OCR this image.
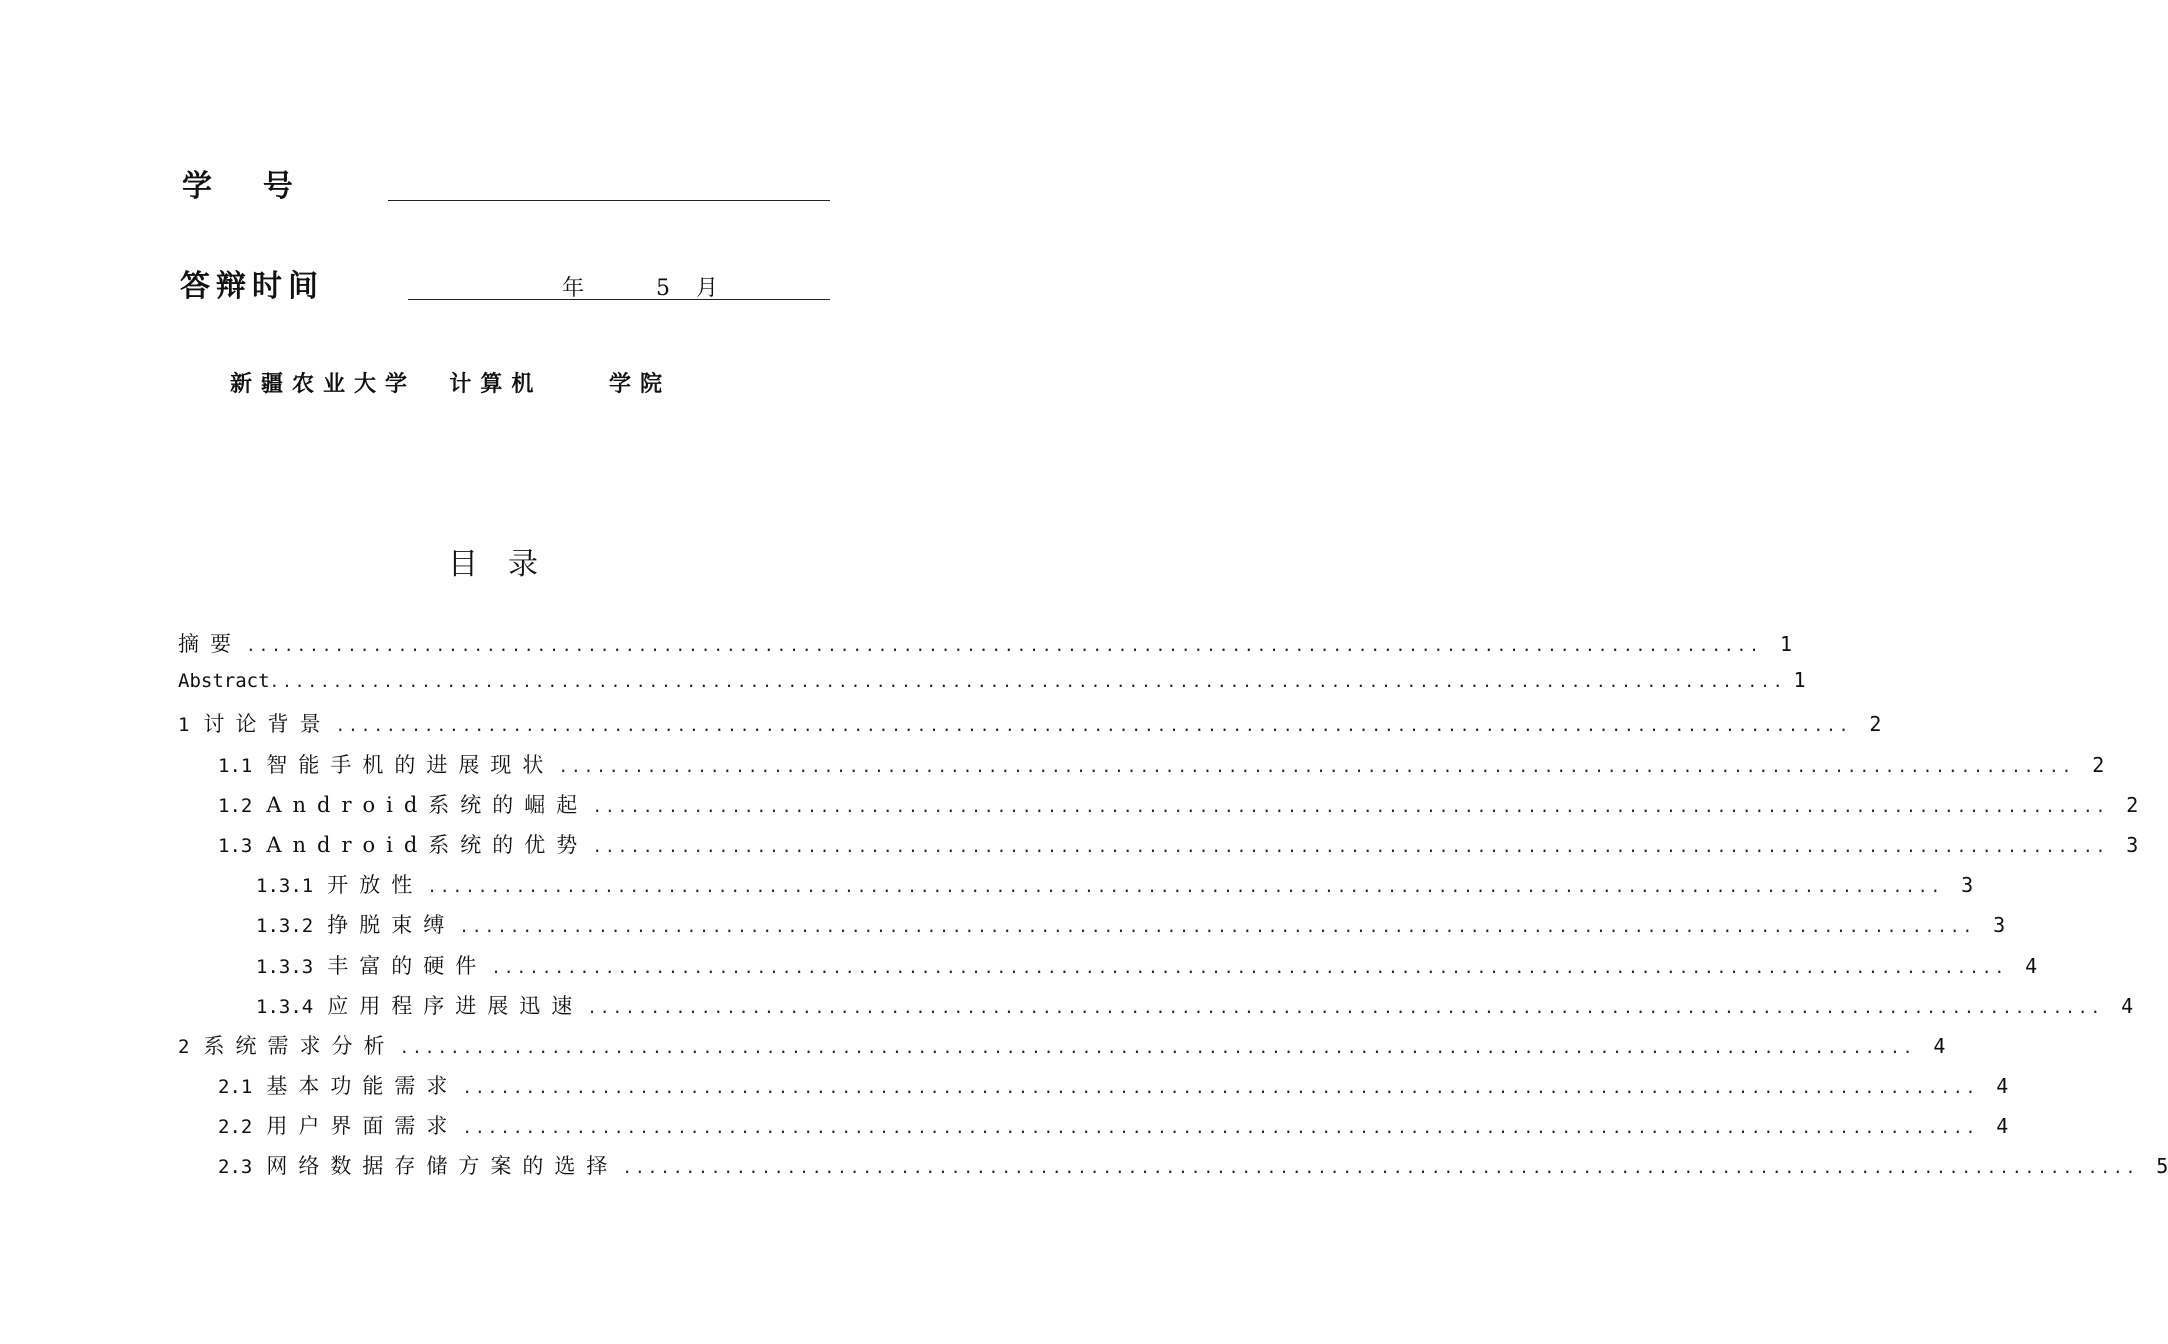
学 　 号
答辩时间	年	5 月
新疆农业大学  计算机    学院
目录
摘要 ........................................................................................................................ 1
Abstract ........................................................................................................................ 1
1 讨论背景 ........................................................................................................................ 2
1.1 智能手机的进展现状 ........................................................................................................................ 2
1.2 Android系统的崛起 ........................................................................................................................ 2
1.3 Android系统的优势 ........................................................................................................................ 3
1.3.1 开放性 ........................................................................................................................ 3
1.3.2 挣脱束缚 ........................................................................................................................ 3
1.3.3 丰富的硬件 ........................................................................................................................ 4
1.3.4 应用程序进展迅速 ........................................................................................................................ 4
2 系统需求分析 ........................................................................................................................ 4
2.1 基本功能需求 ........................................................................................................................ 4
2.2 用户界面需求 ........................................................................................................................ 4
2.3 网络数据存储方案的选择 ........................................................................................................................ 5
